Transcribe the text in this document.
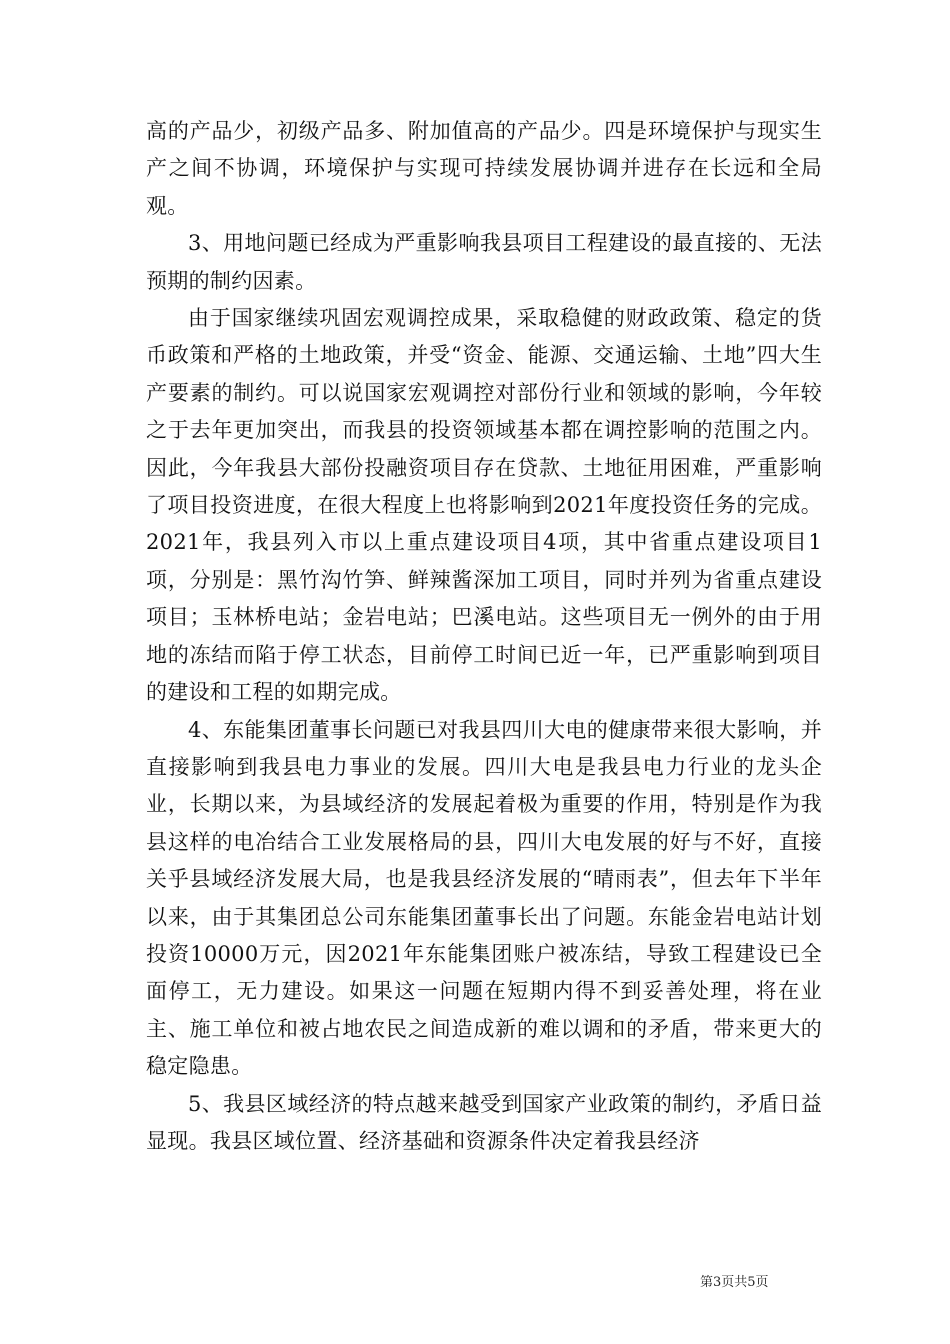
高的产品少，初级产品多、附加值高的产品少。四是环境保护与现实生产之间不协调，环境保护与实现可持续发展协调并进存在长远和全局观。

3、用地问题已经成为严重影响我县项目工程建设的最直接的、无法预期的制约因素。

由于国家继续巩固宏观调控成果，采取稳健的财政政策、稳定的货币政策和严格的土地政策，并受“资金、能源、交通运输、土地”四大生产要素的制约。可以说国家宏观调控对部份行业和领域的影响，今年较之于去年更加突出，而我县的投资领域基本都在调控影响的范围之内。因此，今年我县大部份投融资项目存在贷款、土地征用困难，严重影响了项目投资进度，在很大程度上也将影响到2021年度投资任务的完成。2021年，我县列入市以上重点建设项目4项，其中省重点建设项目1项，分别是：黑竹沟竹笋、鲜辣酱深加工项目，同时并列为省重点建设项目；玉林桥电站；金岩电站；巴溪电站。这些项目无一例外的由于用地的冻结而陷于停工状态，目前停工时间已近一年，已严重影响到项目的建设和工程的如期完成。

4、东能集团董事长问题已对我县四川大电的健康带来很大影响，并直接影响到我县电力事业的发展。四川大电是我县电力行业的龙头企业，长期以来，为县域经济的发展起着极为重要的作用，特别是作为我县这样的电冶结合工业发展格局的县，四川大电发展的好与不好，直接关乎县域经济发展大局，也是我县经济发展的“晴雨表”，但去年下半年以来，由于其集团总公司东能集团董事长出了问题。东能金岩电站计划投资10000万元，因2021年东能集团账户被冻结，导致工程建设已全面停工，无力建设。如果这一问题在短期内得不到妥善处理，将在业主、施工单位和被占地农民之间造成新的难以调和的矛盾，带来更大的稳定隐患。

5、我县区域经济的特点越来越受到国家产业政策的制约，矛盾日益显现。我县区域位置、经济基础和资源条件决定着我县经济

第3页共5页
